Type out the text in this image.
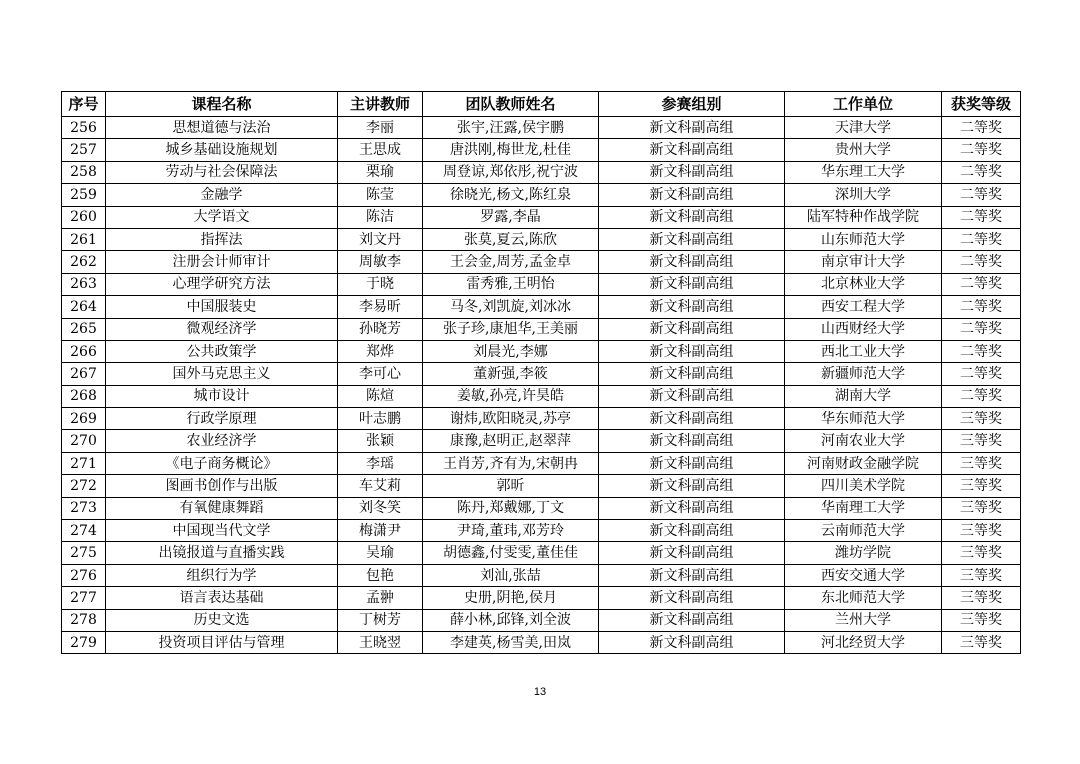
序号	课程名称	主讲教师	团队教师姓名	参赛组别	工作单位	获奖等级
256	思想道德与法治	李丽	张宇,汪露,侯宇鹏	新文科副高组	天津大学	二等奖
257	城乡基础设施规划	王思成	唐洪刚,梅世龙,杜佳	新文科副高组	贵州大学	二等奖
258	劳动与社会保障法	栗瑜	周登谅,郑依彤,祝宁波	新文科副高组	华东理工大学	二等奖
259	金融学	陈莹	徐晓光,杨文,陈红泉	新文科副高组	深圳大学	二等奖
260	大学语文	陈洁	罗露,李晶	新文科副高组	陆军特种作战学院	二等奖
261	指挥法	刘文丹	张莫,夏云,陈欣	新文科副高组	山东师范大学	二等奖
262	注册会计师审计	周敏李	王会金,周芳,孟金卓	新文科副高组	南京审计大学	二等奖
263	心理学研究方法	于晓	雷秀雅,王明怡	新文科副高组	北京林业大学	二等奖
264	中国服装史	李易昕	马冬,刘凯旋,刘冰冰	新文科副高组	西安工程大学	二等奖
265	微观经济学	孙晓芳	张子珍,康旭华,王美丽	新文科副高组	山西财经大学	二等奖
266	公共政策学	郑烨	刘晨光,李娜	新文科副高组	西北工业大学	二等奖
267	国外马克思主义	李可心	董新强,李筱	新文科副高组	新疆师范大学	二等奖
268	城市设计	陈煊	姜敏,孙亮,许昊皓	新文科副高组	湖南大学	二等奖
269	行政学原理	叶志鹏	谢炜,欧阳晓灵,苏亭	新文科副高组	华东师范大学	三等奖
270	农业经济学	张颖	康豫,赵明正,赵翠萍	新文科副高组	河南农业大学	三等奖
271	《电子商务概论》	李瑶	王肖芳,齐有为,宋朝冉	新文科副高组	河南财政金融学院	三等奖
272	图画书创作与出版	车艾莉	郭昕	新文科副高组	四川美术学院	三等奖
273	有氧健康舞蹈	刘冬笑	陈丹,郑戴娜,丁文	新文科副高组	华南理工大学	三等奖
274	中国现当代文学	梅潇尹	尹琦,董玮,邓芳玲	新文科副高组	云南师范大学	三等奖
275	出镜报道与直播实践	吴瑜	胡德鑫,付雯雯,董佳佳	新文科副高组	潍坊学院	三等奖
276	组织行为学	包艳	刘汕,张喆	新文科副高组	西安交通大学	三等奖
277	语言表达基础	孟翀	史册,阴艳,侯月	新文科副高组	东北师范大学	三等奖
278	历史文选	丁树芳	薛小林,邱锋,刘全波	新文科副高组	兰州大学	三等奖
279	投资项目评估与管理	王晓翌	李建英,杨雪美,田岚	新文科副高组	河北经贸大学	三等奖
13
